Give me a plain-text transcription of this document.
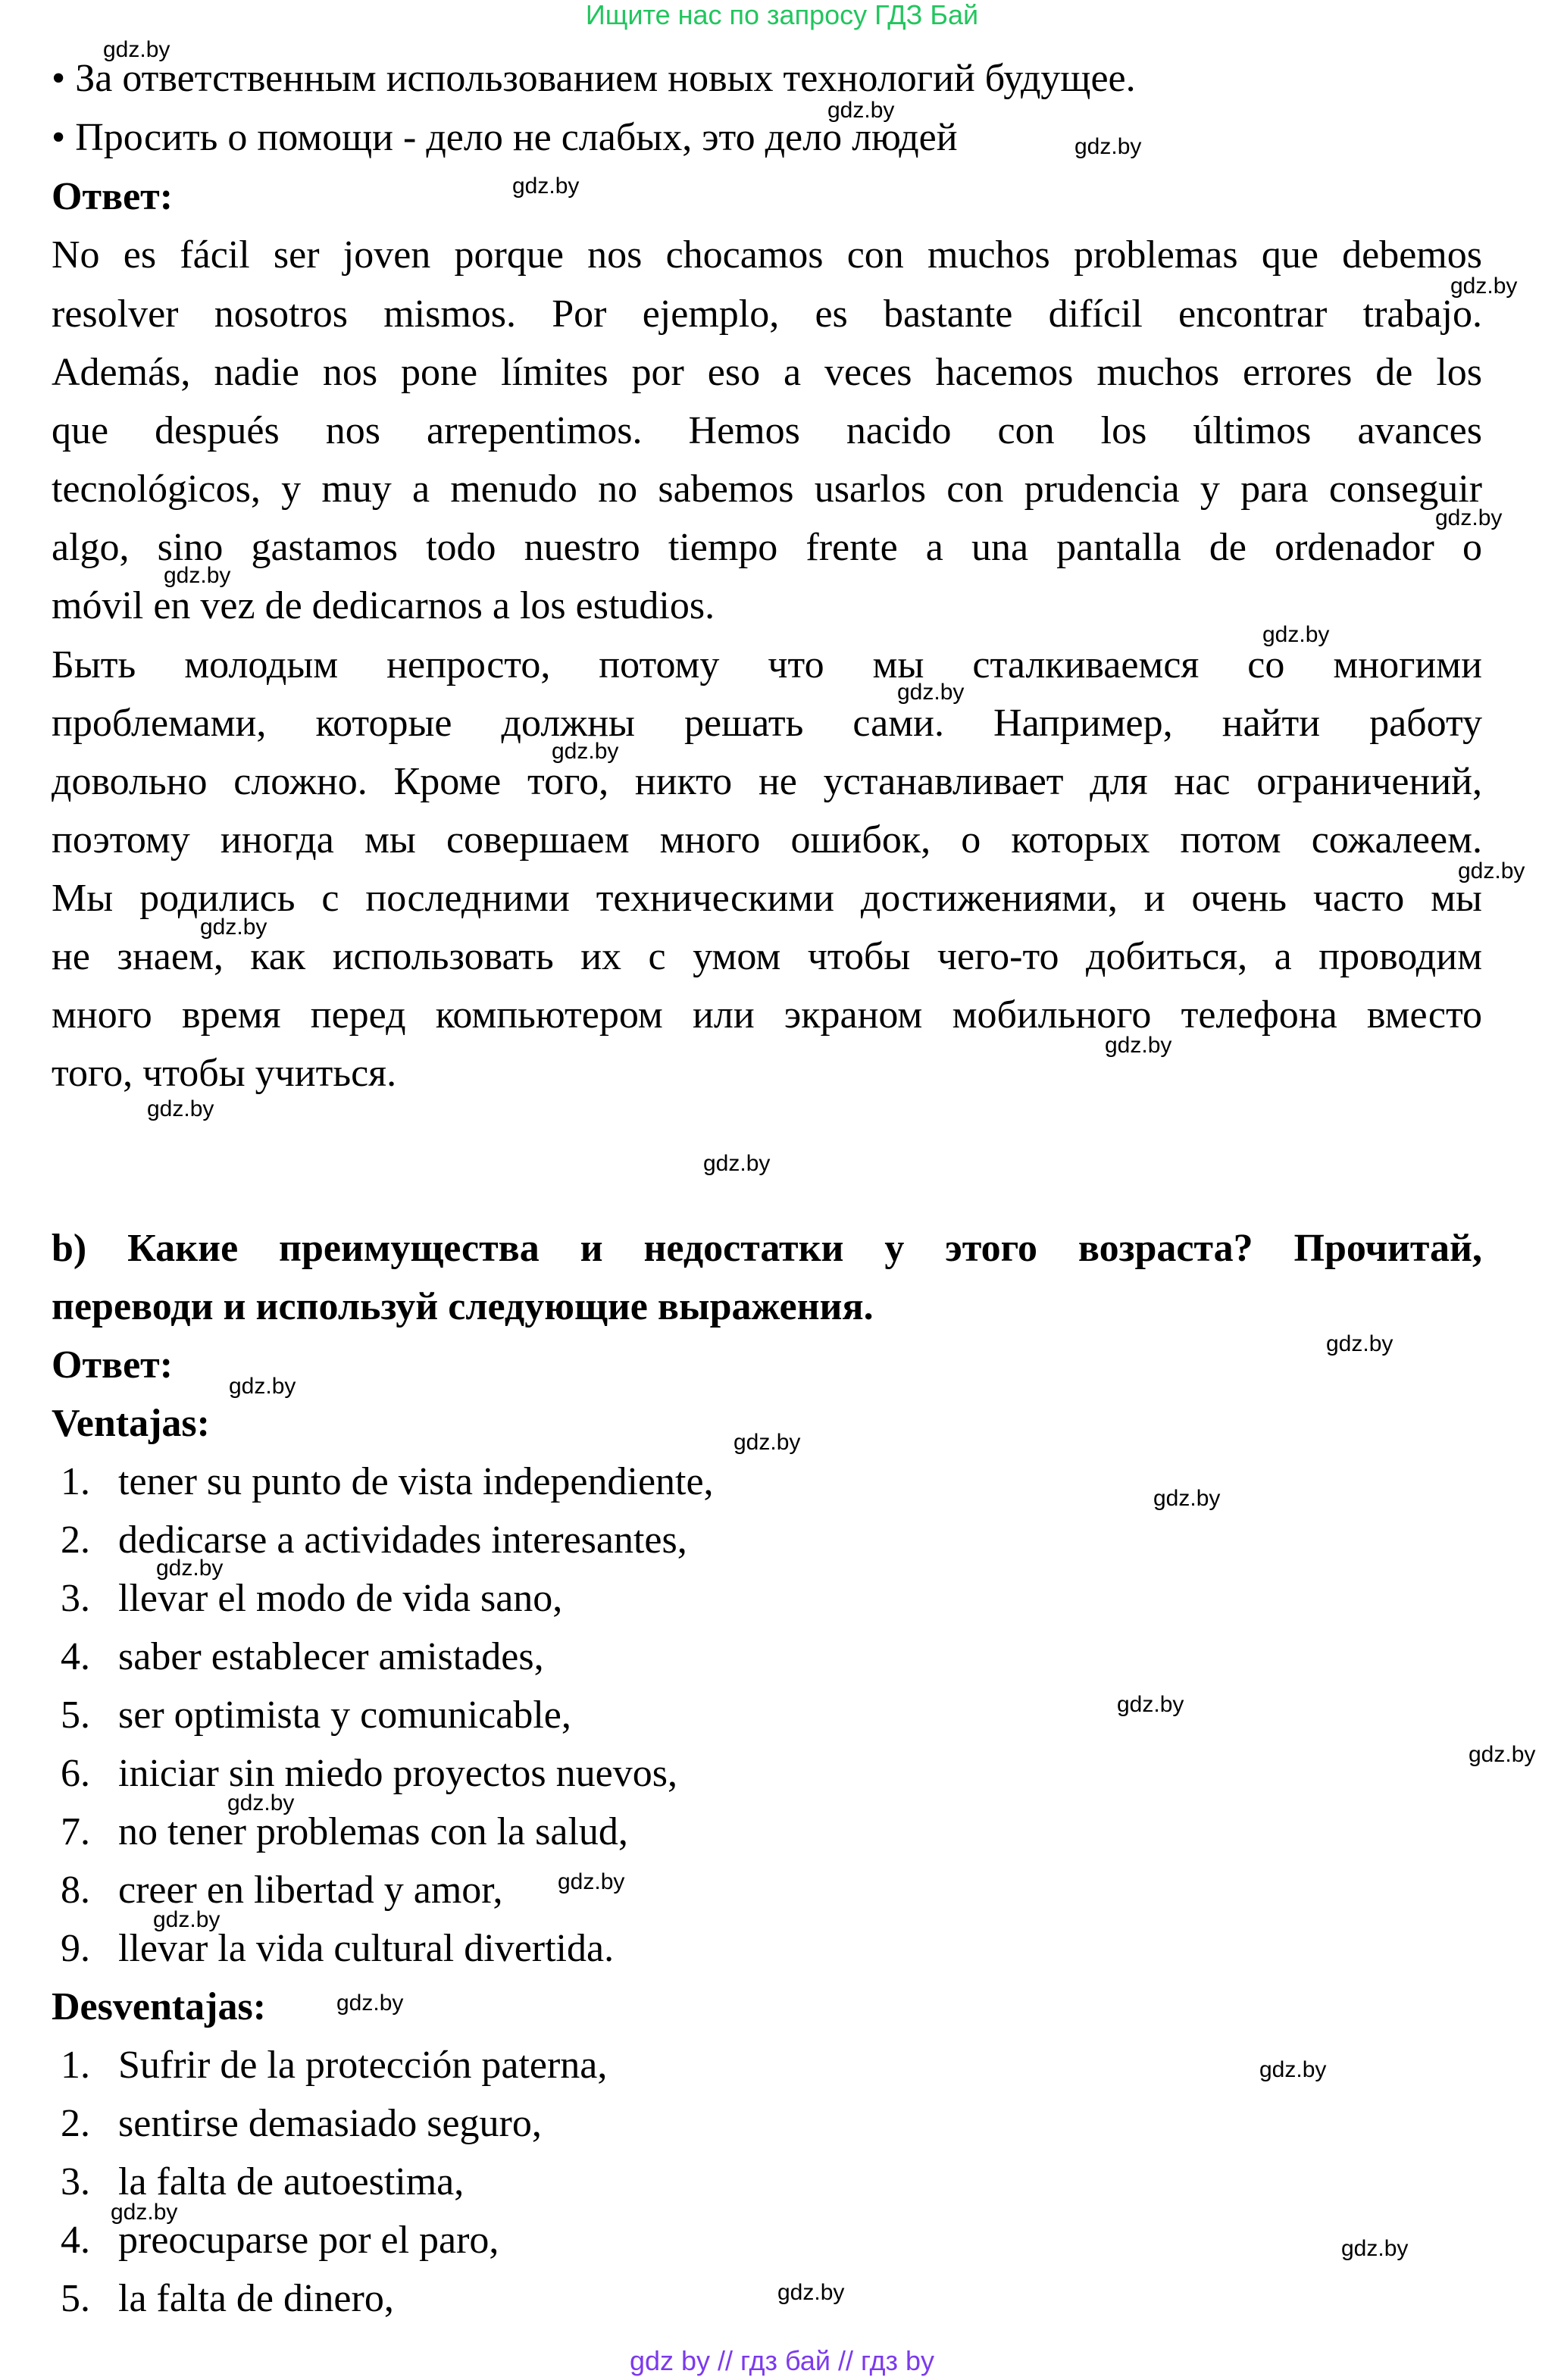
Ищите нас по запросу ГДЗ Бай
• За ответственным использованием новых технологий будущее.
• Просить о помощи - дело не слабых, это дело людей
Ответ:
No es fácil ser joven porque nos chocamos con muchos problemas que debemos
resolver nosotros mismos. Por ejemplo, es bastante difícil encontrar trabajo.
Además, nadie nos pone límites por eso a veces hacemos muchos errores de los
que después nos arrepentimos. Hemos nacido con los últimos avances
tecnológicos, y muy a menudo no sabemos usarlos con prudencia y para conseguir
algo, sino gastamos todo nuestro tiempo frente a una pantalla de ordenador o
móvil en vez de dedicarnos a los estudios.
Быть молодым непросто, потому что мы сталкиваемся со многими
проблемами, которые должны решать сами. Например, найти работу
довольно сложно. Кроме того, никто не устанавливает для нас ограничений,
поэтому иногда мы совершаем много ошибок, о которых потом сожалеем.
Мы родились с последними техническими достижениями, и очень часто мы
не знаем, как использовать их с умом чтобы чего-то добиться, а проводим
много время перед компьютером или экраном мобильного телефона вместо
того, чтобы учиться.
b) Какие преимущества и недостатки у этого возраста? Прочитай,
переводи и используй следующие выражения.
Ответ:
Ventajas:
1. tener su punto de vista independiente,
2. dedicarse a actividades interesantes,
3. llevar el modo de vida sano,
4. saber establecer amistades,
5. ser optimista y comunicable,
6. iniciar sin miedo proyectos nuevos,
7. no tener problemas con la salud,
8. creer en libertad y amor,
9. llevar la vida cultural divertida.
Desventajas:
1. Sufrir de la protección paterna,
2. sentirse demasiado seguro,
3. la falta de autoestima,
4. preocuparse por el paro,
5. la falta de dinero,
gdz.by
gdz.by
gdz.by
gdz.by
gdz.by
gdz.by
gdz.by
gdz.by
gdz.by
gdz.by
gdz.by
gdz.by
gdz.by
gdz.by
gdz.by
gdz.by
gdz.by
gdz.by
gdz.by
gdz.by
gdz.by
gdz.by
gdz.by
gdz.by
gdz.by
gdz.by
gdz.by
gdz.by
gdz.by
gdz.by
gdz by // гдз бай // гдз by
